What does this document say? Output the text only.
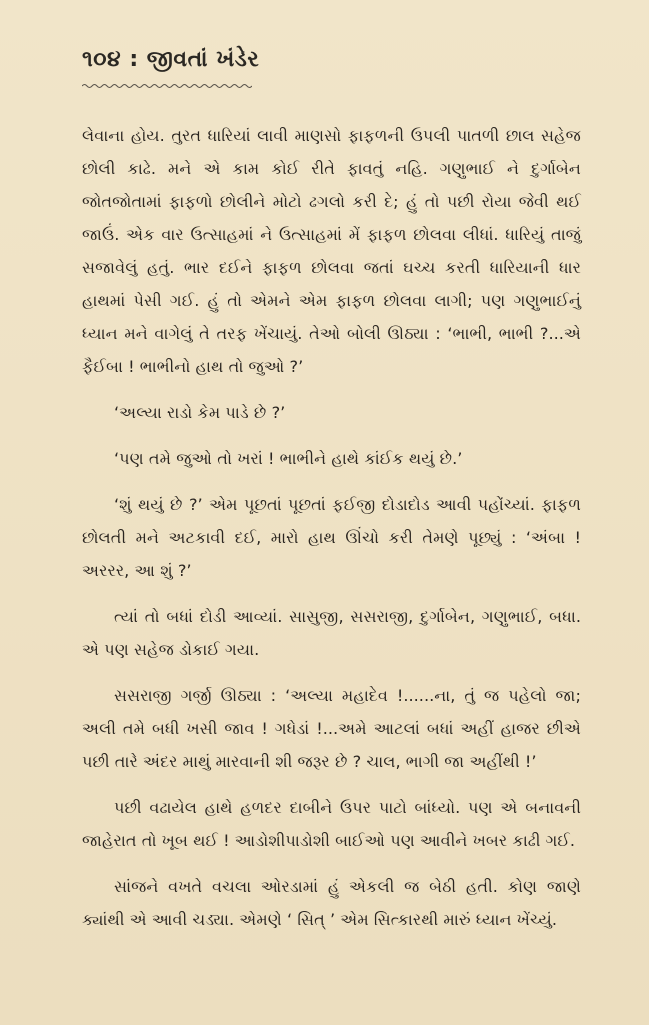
૧૦૪ : જીવતાં ખંડેર

લેવાના હોય. તુરત ધારિયાં લાવી માણસો ફાફળની ઉપલી પાતળી છાલ સહેજ છોલી કાઢે. મને એ કામ કોઈ રીતે ફાવતું નહિ. ગણુભાઈ ને દુર્ગાબેન જોતજોતામાં ફાફળો છોલીને મોટો ઢગલો કરી દે; હું તો પછી રોયા જેવી થઈ જાઉં. એક વાર ઉત્સાહમાં ને ઉત્સાહમાં મેં ફાફળ છોલવા લીધાં. ધારિયું તાજું સજાવેલું હતું. ભાર દઈને ફાફળ છોલવા જતાં ઘચ્ચ કરતી ધારિયાની ધાર હાથમાં પેસી ગઈ. હું તો એમને એમ ફાફળ છોલવા લાગી; પણ ગણુભાઈનું ધ્યાન મને વાગેલું તે તરફ ખેંચાયું. તેઓ બોલી ઊઠ્યા : ‘ભાભી, ભાભી ?...એ ફૈઈબા ! ભાભીનો હાથ તો જુઓ ?’

‘અલ્યા રાડો કેમ પાડે છે ?’

‘પણ તમે જુઓ તો ખરાં ! ભાભીને હાથે કાંઈક થયું છે.’

‘શું થયું છે ?’ એમ પૂછતાં પૂછતાં ફઈજી દોડાદોડ આવી પહોંચ્યાં. ફાફળ છોલતી મને અટકાવી દઈ, મારો હાથ ઊંચો કરી તેમણે પૂછ્યું : ‘અંબા ! અરરર, આ શું ?’

ત્યાં તો બધાં દોડી આવ્યાં. સાસુજી, સસરાજી, દુર્ગાબેન, ગણુભાઈ, બધા. એ પણ સહેજ ડોકાઈ ગયા.

સસરાજી ગર્જી ઊઠ્યા : ‘અલ્યા મહાદેવ !......ના, તું જ પહેલો જા; અલી તમે બધી ખસી જાવ ! ગધેડાં !...અમે આટલાં બધાં અહીં હાજર છીએ પછી તારે અંદર માથું મારવાની શી જરૂર છે ? ચાલ, ભાગી જા અહીંથી !’

પછી વઢાયેલ હાથે હળદર દાબીને ઉપર પાટો બાંધ્યો. પણ એ બનાવની જાહેરાત તો ખૂબ થઈ ! આડોશીપાડોશી બાઈઓ પણ આવીને ખબર કાઢી ગઈ.

સાંજને વખતે વચલા ઓરડામાં હું એકલી જ બેઠી હતી. કોણ જાણે ક્યાંથી એ આવી ચડ્યા. એમણે ‘ સિત્ ’ એમ સિત્કારથી મારું ધ્યાન ખેંચ્યું.
